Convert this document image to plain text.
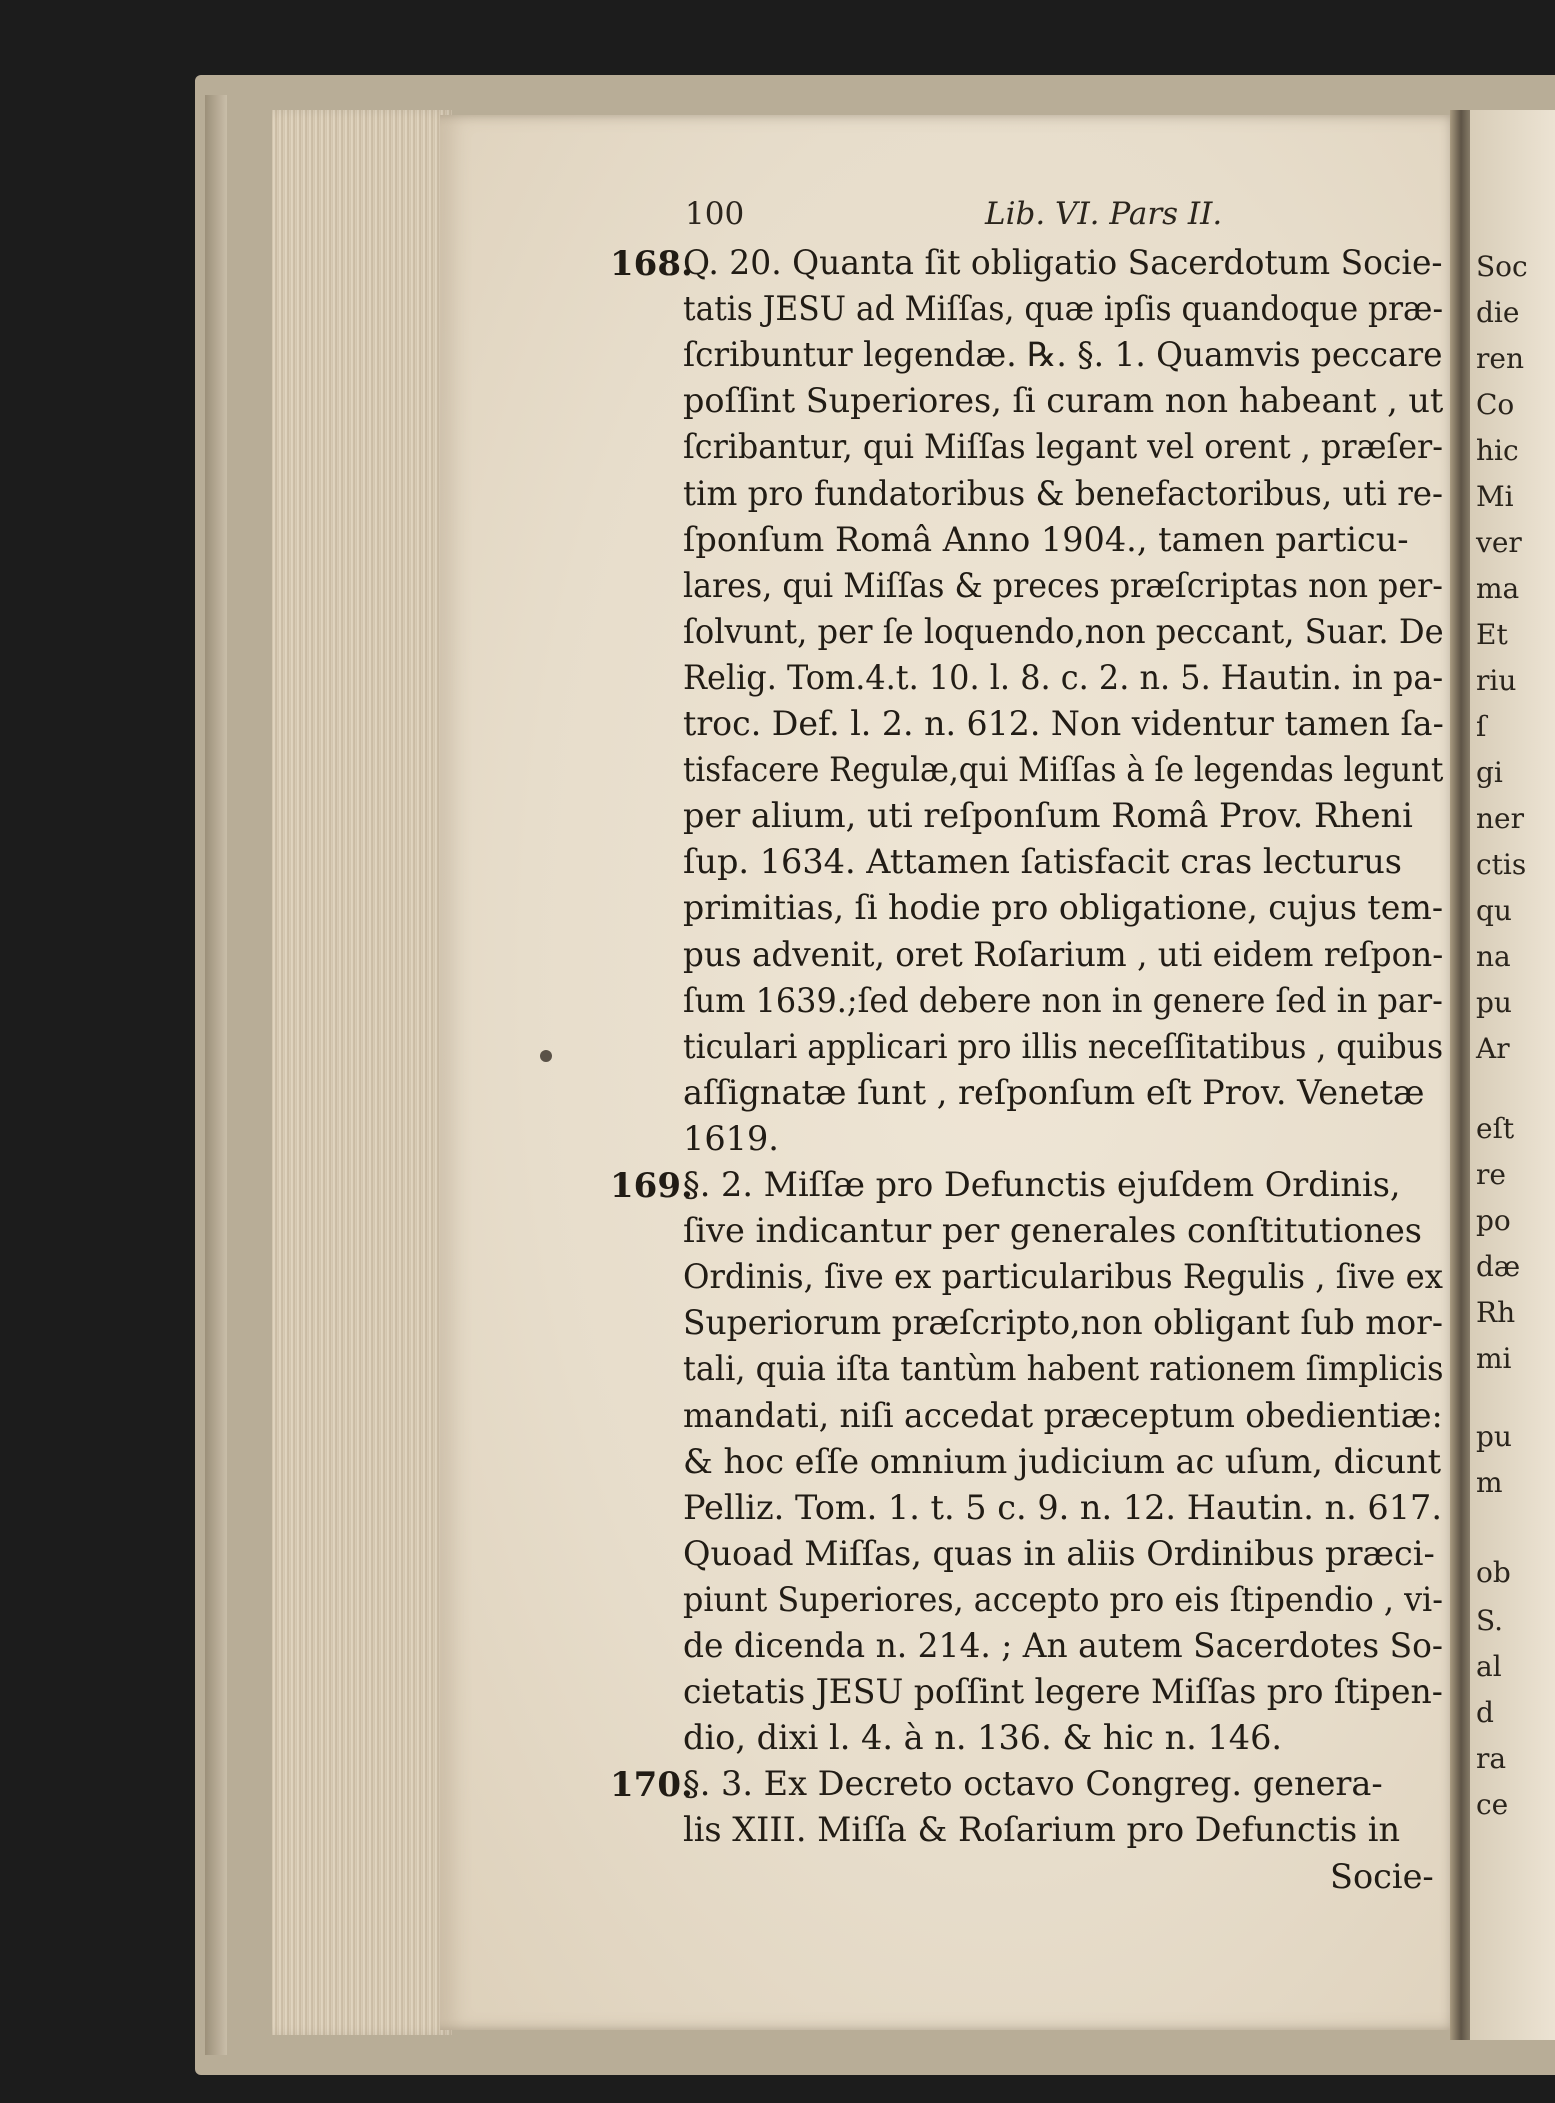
Soc
die
ren
Co
hic
Mi
ver
ma
Et
riu
ſ
gi
ner
ctis
qu
na
pu
Ar
eſt
re
po
dæ
Rh
mi
pu
m
ob
S.
al
d
ra
ce
100	Lib. VI. Pars II.
168.
Q. 20. Quanta ſit obligatio Sacerdotum Socie-
tatis JESU ad Miſſas, quæ ipſis quandoque præ-
ſcribuntur legendæ. ℞. §. 1. Quamvis peccare
poſſint Superiores, ſi curam non habeant , ut
ſcribantur, qui Miſſas legant vel orent , præſer-
tim pro fundatoribus & benefactoribus, uti re-
ſponſum Româ Anno 1904., tamen particu-
lares, qui Miſſas & preces præſcriptas non per-
ſolvunt, per ſe loquendo,non peccant, Suar. De
Relig. Tom.4.t. 10. l. 8. c. 2. n. 5. Hautin. in pa-
troc. Def. l. 2. n. 612. Non videntur tamen ſa-
tisfacere Regulæ,qui Miſſas à ſe legendas legunt
per alium, uti reſponſum Româ Prov. Rheni
ſup. 1634. Attamen ſatisfacit cras lecturus
primitias, ſi hodie pro obligatione, cujus tem-
pus advenit, oret Roſarium , uti eidem reſpon-
ſum 1639.;ſed debere non in genere ſed in par-
ticulari applicari pro illis neceſſitatibus , quibus
aſſignatæ ſunt , reſponſum eſt Prov. Venetæ
1619.
169.
§. 2. Miſſæ pro Defunctis ejuſdem Ordinis,
ſive indicantur per generales conſtitutiones
Ordinis, ſive ex particularibus Regulis , ſive ex
Superiorum præſcripto,non obligant ſub mor-
tali, quia iſta tantùm habent rationem ſimplicis
mandati, niſi accedat præceptum obedientiæ:
& hoc eſſe omnium judicium ac uſum, dicunt
Pelliz. Tom. 1. t. 5 c. 9. n. 12. Hautin. n. 617.
Quoad Miſſas, quas in aliis Ordinibus præci-
piunt Superiores, accepto pro eis ſtipendio , vi-
de dicenda n. 214. ; An autem Sacerdotes So-
cietatis JESU poſſint legere Miſſas pro ſtipen-
dio, dixi l. 4. à n. 136. & hic n. 146.
170.
§. 3. Ex Decreto octavo Congreg. genera-
lis XIII. Miſſa & Roſarium pro Defunctis in
Socie-
